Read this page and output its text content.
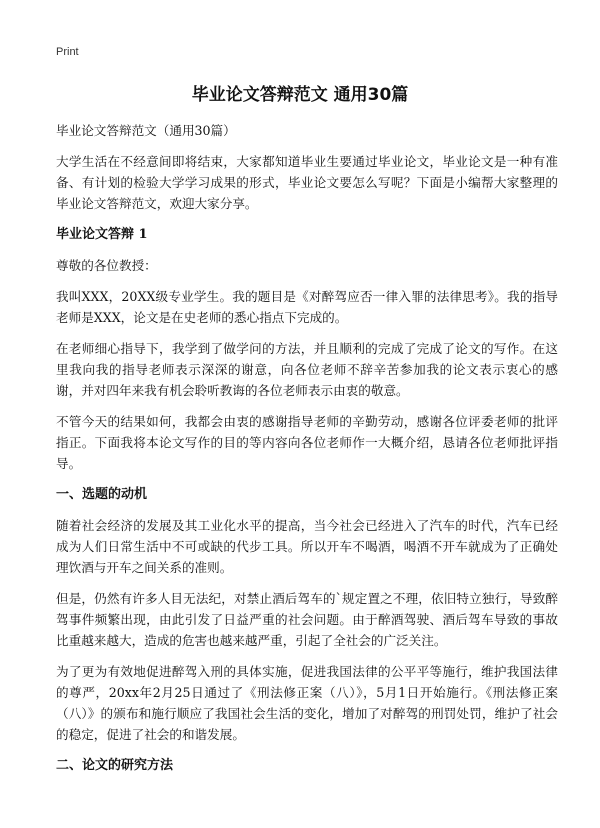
Print
毕业论文答辩范文 通用30篇
毕业论文答辩范文（通用30篇）

大学生活在不经意间即将结束，大家都知道毕业生要通过毕业论文，毕业论文是一种有准备、有计划的检验大学学习成果的形式，毕业论文要怎么写呢？下面是小编帮大家整理的毕业论文答辩范文，欢迎大家分享。

毕业论文答辩 1

尊敬的各位教授：

我叫XXX，20XX级专业学生。我的题目是《对醉驾应否一律入罪的法律思考》。我的指导老师是XXX，论文是在史老师的悉心指点下完成的。

在老师细心指导下，我学到了做学问的方法，并且顺利的完成了完成了论文的写作。在这里我向我的指导老师表示深深的谢意，向各位老师不辞辛苦参加我的论文表示衷心的感谢，并对四年来我有机会聆听教诲的各位老师表示由衷的敬意。

不管今天的结果如何，我都会由衷的感谢指导老师的辛勤劳动，感谢各位评委老师的批评指正。下面我将本论文写作的目的等内容向各位老师作一大概介绍，恳请各位老师批评指导。

一、选题的动机

随着社会经济的发展及其工业化水平的提高，当今社会已经进入了汽车的时代，汽车已经成为人们日常生活中不可或缺的代步工具。所以开车不喝酒，喝酒不开车就成为了正确处理饮酒与开车之间关系的准则。

但是，仍然有许多人目无法纪，对禁止酒后驾车的`规定置之不理，依旧特立独行，导致醉驾事件频繁出现，由此引发了日益严重的社会问题。由于醉酒驾驶、酒后驾车导致的事故比重越来越大，造成的危害也越来越严重，引起了全社会的广泛关注。

为了更为有效地促进醉驾入刑的具体实施，促进我国法律的公平平等施行，维护我国法律的尊严，20xx年2月25日通过了《刑法修正案（八）》，5月1日开始施行。《刑法修正案（八）》的颁布和施行顺应了我国社会生活的变化，增加了对醉驾的刑罚处罚，维护了社会的稳定，促进了社会的和谐发展。

二、论文的研究方法
